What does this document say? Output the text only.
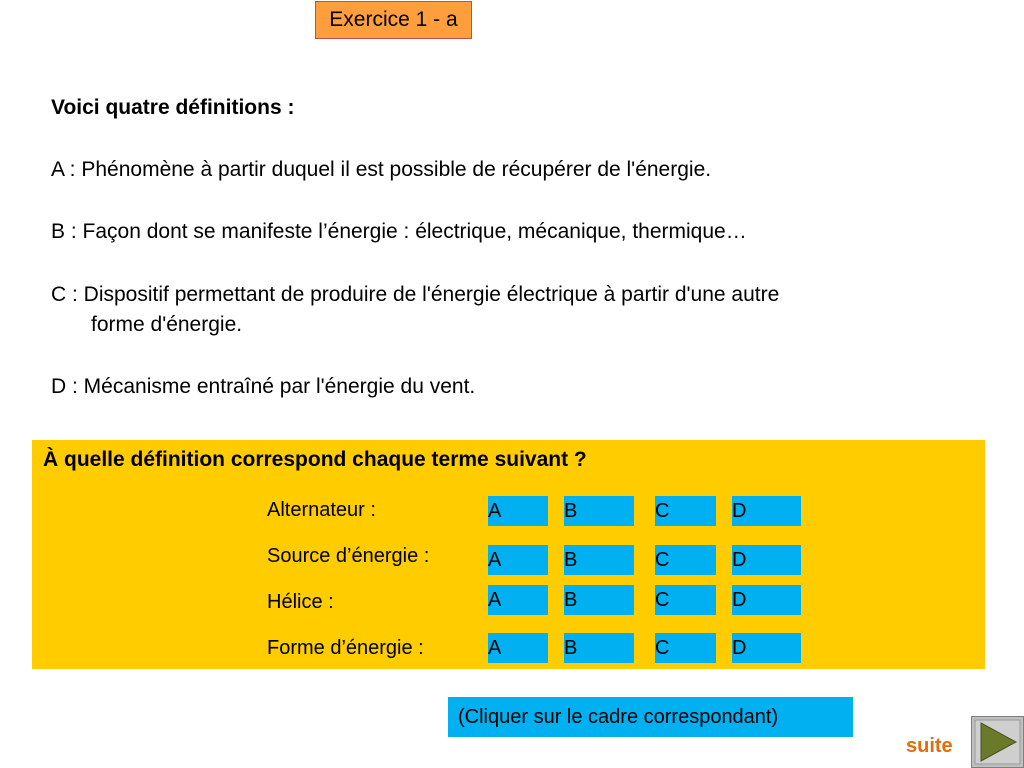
Exercice 1 - a
Voici quatre définitions :
A : Phénomène à partir duquel il est possible de récupérer de l'énergie.
B : Façon dont se manifeste l’énergie : électrique, mécanique, thermique…
C : Dispositif permettant de produire de l'énergie électrique à partir d'une autre
forme d'énergie.
D : Mécanisme entraîné par l'énergie du vent.
À quelle définition correspond chaque terme suivant ?
Alternateur :	A	B	C	D
Source d’énergie :	A	B	C	D
Hélice :	A	B	C	D
Forme d’énergie :	A	B	C	D
(Cliquer sur le cadre correspondant)
suite
